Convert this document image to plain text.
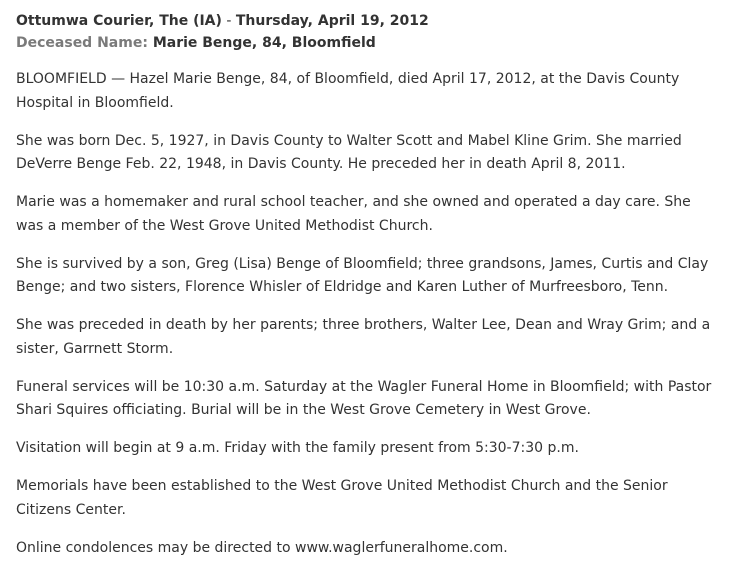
Ottumwa Courier, The (IA) - Thursday, April 19, 2012
Deceased Name: Marie Benge, 84, Bloomfield

BLOOMFIELD — Hazel Marie Benge, 84, of Bloomfield, died April 17, 2012, at the Davis County Hospital in Bloomfield.

She was born Dec. 5, 1927, in Davis County to Walter Scott and Mabel Kline Grim. She married DeVerre Benge Feb. 22, 1948, in Davis County. He preceded her in death April 8, 2011.

Marie was a homemaker and rural school teacher, and she owned and operated a day care. She was a member of the West Grove United Methodist Church.

She is survived by a son, Greg (Lisa) Benge of Bloomfield; three grandsons, James, Curtis and Clay Benge; and two sisters, Florence Whisler of Eldridge and Karen Luther of Murfreesboro, Tenn.

She was preceded in death by her parents; three brothers, Walter Lee, Dean and Wray Grim; and a sister, Garrnett Storm.

Funeral services will be 10:30 a.m. Saturday at the Wagler Funeral Home in Bloomfield; with Pastor Shari Squires officiating. Burial will be in the West Grove Cemetery in West Grove.

Visitation will begin at 9 a.m. Friday with the family present from 5:30-7:30 p.m.

Memorials have been established to the West Grove United Methodist Church and the Senior Citizens Center.

Online condolences may be directed to www.waglerfuneralhome.com.
